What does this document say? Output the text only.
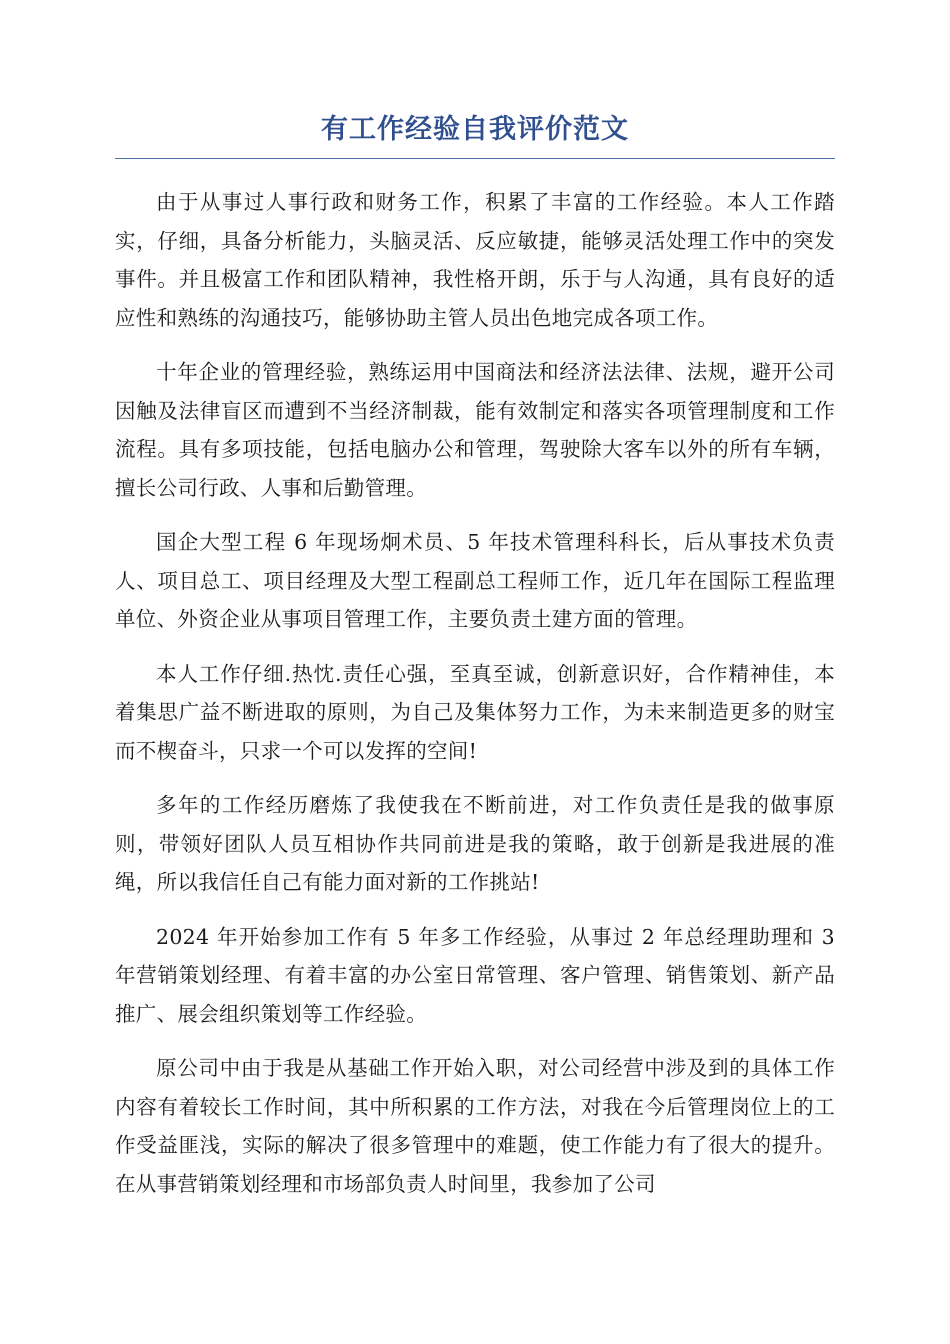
有工作经验自我评价范文

由于从事过人事行政和财务工作，积累了丰富的工作经验。本人工作踏实，仔细，具备分析能力，头脑灵活、反应敏捷，能够灵活处理工作中的突发事件。并且极富工作和团队精神，我性格开朗，乐于与人沟通，具有良好的适应性和熟练的沟通技巧，能够协助主管人员出色地完成各项工作。

十年企业的管理经验，熟练运用中国商法和经济法法律、法规，避开公司因触及法律盲区而遭到不当经济制裁，能有效制定和落实各项管理制度和工作流程。具有多项技能，包括电脑办公和管理，驾驶除大客车以外的所有车辆，擅长公司行政、人事和后勤管理。

国企大型工程 6 年现场炯术员、5 年技术管理科科长，后从事技术负责人、项目总工、项目经理及大型工程副总工程师工作，近几年在国际工程监理单位、外资企业从事项目管理工作，主要负责土建方面的管理。

本人工作仔细.热忱.责任心强，至真至诚，创新意识好，合作精神佳，本着集思广益不断进取的原则，为自己及集体努力工作，为未来制造更多的财宝而不楔奋斗，只求一个可以发挥的空间!

多年的工作经历磨炼了我使我在不断前进，对工作负责任是我的做事原则，带领好团队人员互相协作共同前进是我的策略，敢于创新是我进展的准绳，所以我信任自己有能力面对新的工作挑站!

2024 年开始参加工作有 5 年多工作经验，从事过 2 年总经理助理和 3 年营销策划经理、有着丰富的办公室日常管理、客户管理、销售策划、新产品推广、展会组织策划等工作经验。

原公司中由于我是从基础工作开始入职，对公司经营中涉及到的具体工作内容有着较长工作时间，其中所积累的工作方法，对我在今后管理岗位上的工作受益匪浅，实际的解决了很多管理中的难题，使工作能力有了很大的提升。在从事营销策划经理和市场部负责人时间里，我参加了公司
